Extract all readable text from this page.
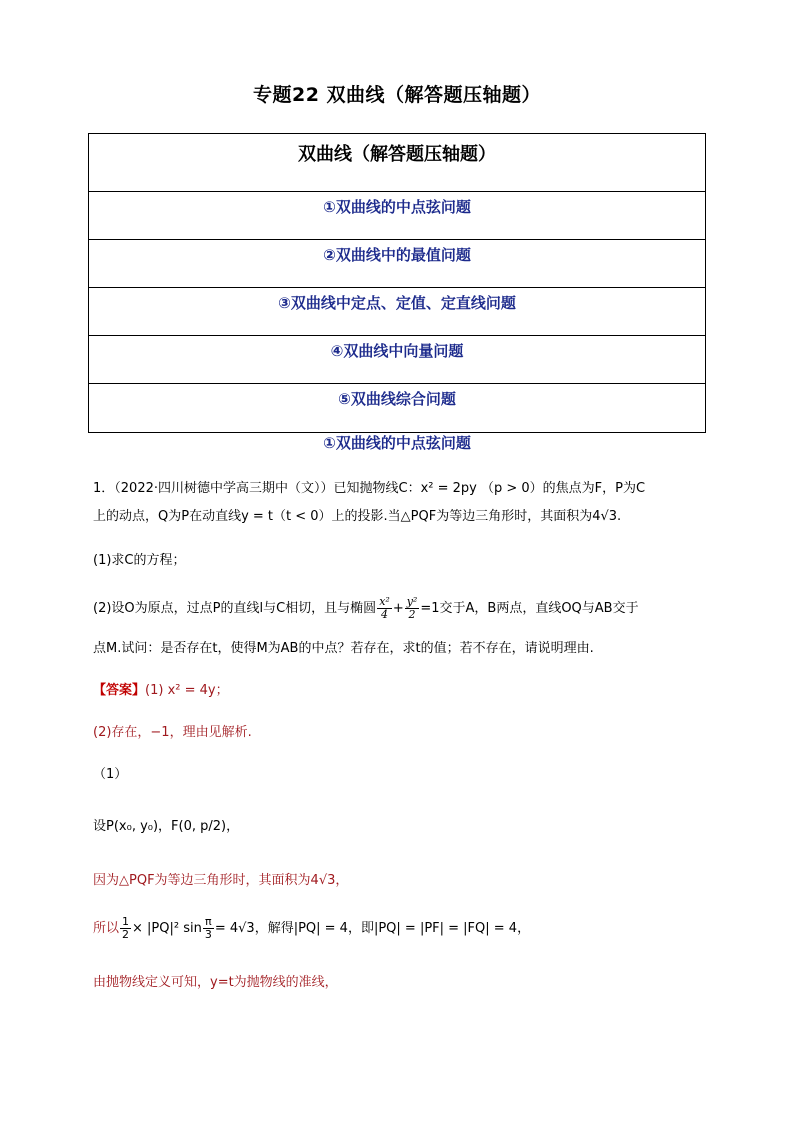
专题22 双曲线（解答题压轴题）
双曲线（解答题压轴题）
①双曲线的中点弦问题
②双曲线中的最值问题
③双曲线中定点、定值、定直线问题
④双曲线中向量问题
⑤双曲线综合问题
①双曲线的中点弦问题
1．（2022·四川树德中学高三期中（文））已知抛物线C：x² = 2py （p > 0）的焦点为F，P为C
上的动点，Q为P在动直线y = t（t < 0）上的投影.当△PQF为等边三角形时，其面积为4√3.
(1)求C的方程；
(2)设O为原点，过点P的直线l与C相切，且与椭圆 $\frac{\text{x²}}{4} + \frac{\text{y²}}{2} =1$交于A，B两点，直线OQ与AB交于
点M.试问：是否存在t，使得M为AB的中点？若存在，求t的值；若不存在，请说明理由.
【答案】(1) x² = 4y；
(2)存在，−1，理由见解析.
（1）
设P(x₀, y₀)，F(0, p/2)，
因为△PQF为等边三角形时，其面积为4√3，
所以 $\frac{1}{2} \times |PQ|^2$ $\sin \frac{\pi}{3} = 4√3$，解得|PQ| = 4，即|PQ| = |PF| = |FQ| = 4，
由抛物线定义可知，y=t为抛物线的准线，
